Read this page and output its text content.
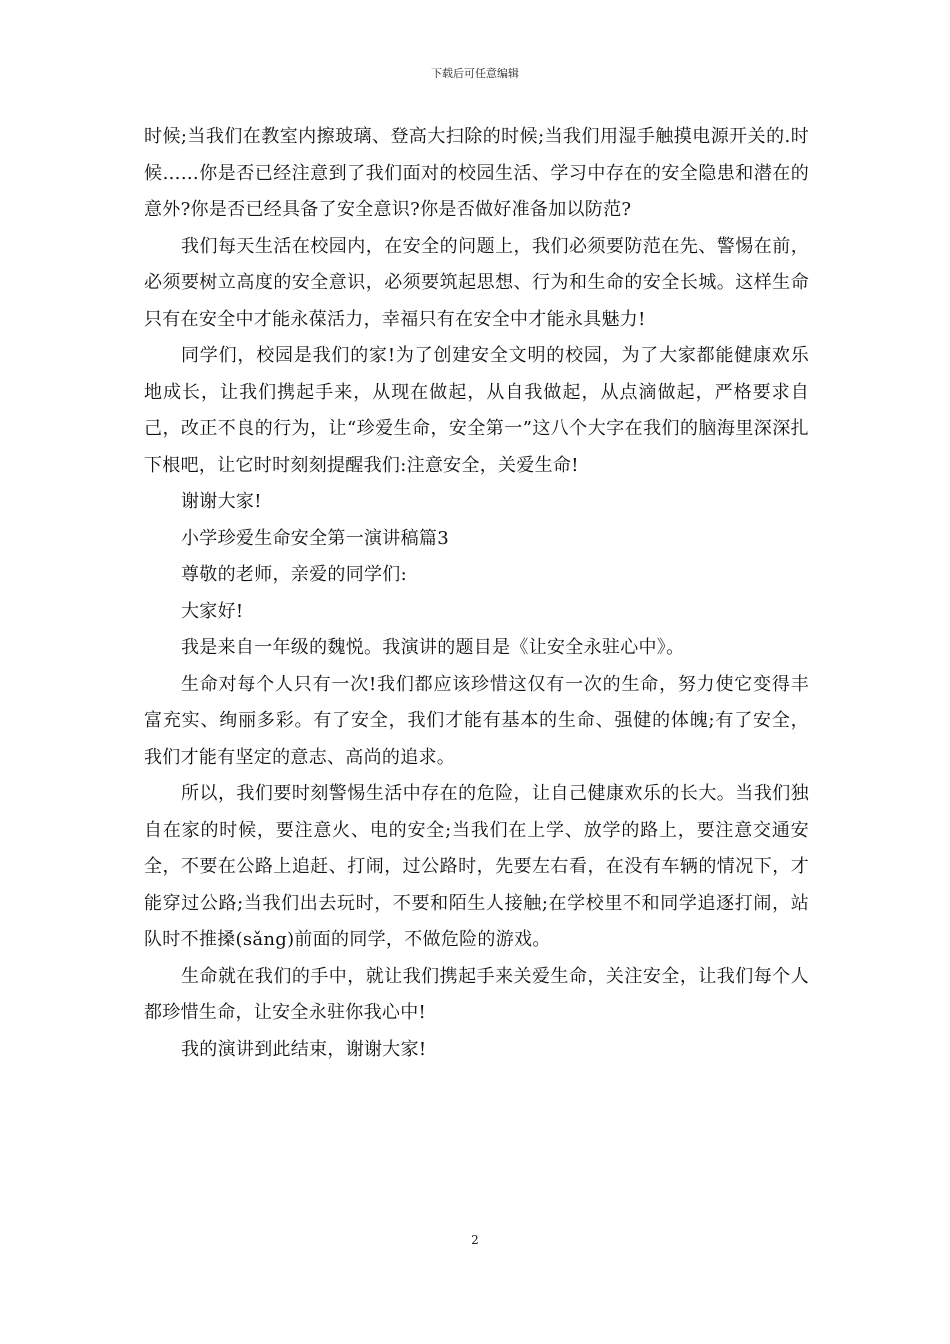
下载后可任意编辑

时候;当我们在教室内擦玻璃、登高大扫除的时候;当我们用湿手触摸电源开关的.时候……你是否已经注意到了我们面对的校园生活、学习中存在的安全隐患和潜在的意外?你是否已经具备了安全意识?你是否做好准备加以防范?

我们每天生活在校园内，在安全的问题上，我们必须要防范在先、警惕在前，必须要树立高度的安全意识，必须要筑起思想、行为和生命的安全长城。这样生命只有在安全中才能永葆活力，幸福只有在安全中才能永具魅力!

同学们，校园是我们的家!为了创建安全文明的校园，为了大家都能健康欢乐地成长，让我们携起手来，从现在做起，从自我做起，从点滴做起，严格要求自己，改正不良的行为，让“珍爱生命，安全第一”这八个大字在我们的脑海里深深扎下根吧，让它时时刻刻提醒我们:注意安全，关爱生命!

谢谢大家!

小学珍爱生命安全第一演讲稿篇3

尊敬的老师，亲爱的同学们:

大家好!

我是来自一年级的魏悦。我演讲的题目是《让安全永驻心中》。

生命对每个人只有一次!我们都应该珍惜这仅有一次的生命，努力使它变得丰富充实、绚丽多彩。有了安全，我们才能有基本的生命、强健的体魄;有了安全，我们才能有坚定的意志、高尚的追求。

所以，我们要时刻警惕生活中存在的危险，让自己健康欢乐的长大。当我们独自在家的时候，要注意火、电的安全;当我们在上学、放学的路上，要注意交通安全，不要在公路上追赶、打闹，过公路时，先要左右看，在没有车辆的情况下，才能穿过公路;当我们出去玩时，不要和陌生人接触;在学校里不和同学追逐打闹，站队时不推搡(sǎng)前面的同学，不做危险的游戏。

生命就在我们的手中，就让我们携起手来关爱生命，关注安全，让我们每个人都珍惜生命，让安全永驻你我心中!

我的演讲到此结束，谢谢大家!

2
